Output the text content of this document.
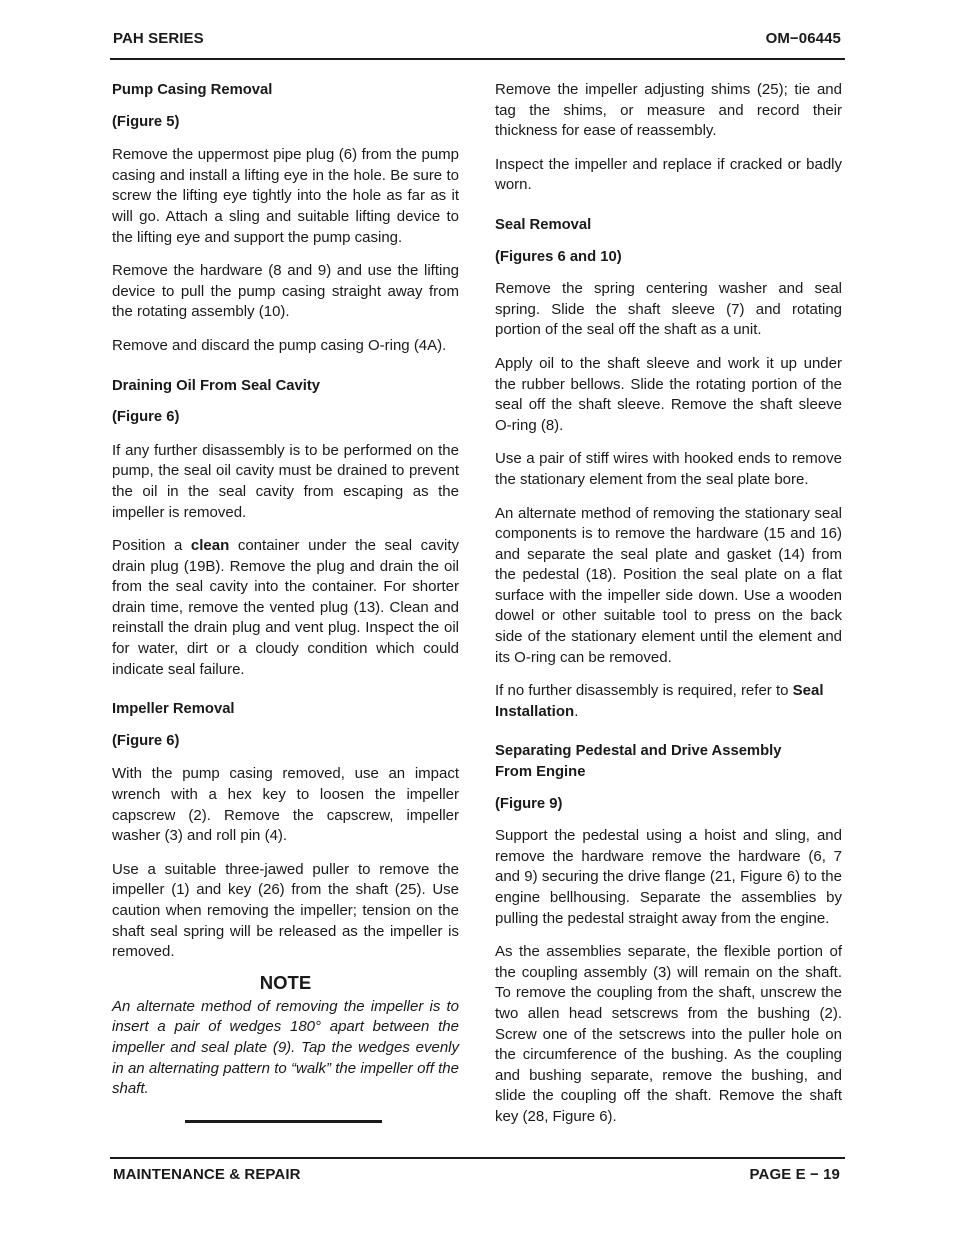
PAH SERIES	OM−06445

Pump Casing Removal

(Figure 5)

Remove the uppermost pipe plug (6) from the pump casing and install a lifting eye in the hole. Be sure to screw the lifting eye tightly into the hole as far as it will go. Attach a sling and suitable lifting device to the lifting eye and support the pump casing.

Remove the hardware (8 and 9) and use the lifting device to pull the pump casing straight away from the rotating assembly (10).

Remove and discard the pump casing O-ring (4A).

Draining Oil From Seal Cavity

(Figure 6)

If any further disassembly is to be performed on the pump, the seal oil cavity must be drained to prevent the oil in the seal cavity from escaping as the impeller is removed.

Position a clean container under the seal cavity drain plug (19B). Remove the plug and drain the oil from the seal cavity into the container. For shorter drain time, remove the vented plug (13). Clean and reinstall the drain plug and vent plug. Inspect the oil for water, dirt or a cloudy condition which could indicate seal failure.

Impeller Removal

(Figure 6)

With the pump casing removed, use an impact wrench with a hex key to loosen the impeller capscrew (2). Remove the capscrew, impeller washer (3) and roll pin (4).

Use a suitable three-jawed puller to remove the impeller (1) and key (26) from the shaft (25). Use caution when removing the impeller; tension on the shaft seal spring will be released as the impeller is removed.

NOTE

An alternate method of removing the impeller is to insert a pair of wedges 180° apart between the impeller and seal plate (9). Tap the wedges evenly in an alternating pattern to “walk” the impeller off the shaft.

Remove the impeller adjusting shims (25); tie and tag the shims, or measure and record their thickness for ease of reassembly.

Inspect the impeller and replace if cracked or badly worn.

Seal Removal

(Figures 6 and 10)

Remove the spring centering washer and seal spring. Slide the shaft sleeve (7) and rotating portion of the seal off the shaft as a unit.

Apply oil to the shaft sleeve and work it up under the rubber bellows. Slide the rotating portion of the seal off the shaft sleeve. Remove the shaft sleeve O-ring (8).

Use a pair of stiff wires with hooked ends to remove the stationary element from the seal plate bore.

An alternate method of removing the stationary seal components is to remove the hardware (15 and 16) and separate the seal plate and gasket (14) from the pedestal (18). Position the seal plate on a flat surface with the impeller side down. Use a wooden dowel or other suitable tool to press on the back side of the stationary element until the element and its O-ring can be removed.

If no further disassembly is required, refer to Seal Installation.

Separating Pedestal and Drive Assembly From Engine

(Figure 9)

Support the pedestal using a hoist and sling, and remove the hardware remove the hardware (6, 7 and 9) securing the drive flange (21, Figure 6) to the engine bellhousing. Separate the assemblies by pulling the pedestal straight away from the engine.

As the assemblies separate, the flexible portion of the coupling assembly (3) will remain on the shaft. To remove the coupling from the shaft, unscrew the two allen head setscrews from the bushing (2). Screw one of the setscrews into the puller hole on the circumference of the bushing. As the coupling and bushing separate, remove the bushing, and slide the coupling off the shaft. Remove the shaft key (28, Figure 6).

MAINTENANCE & REPAIR	PAGE E − 19
